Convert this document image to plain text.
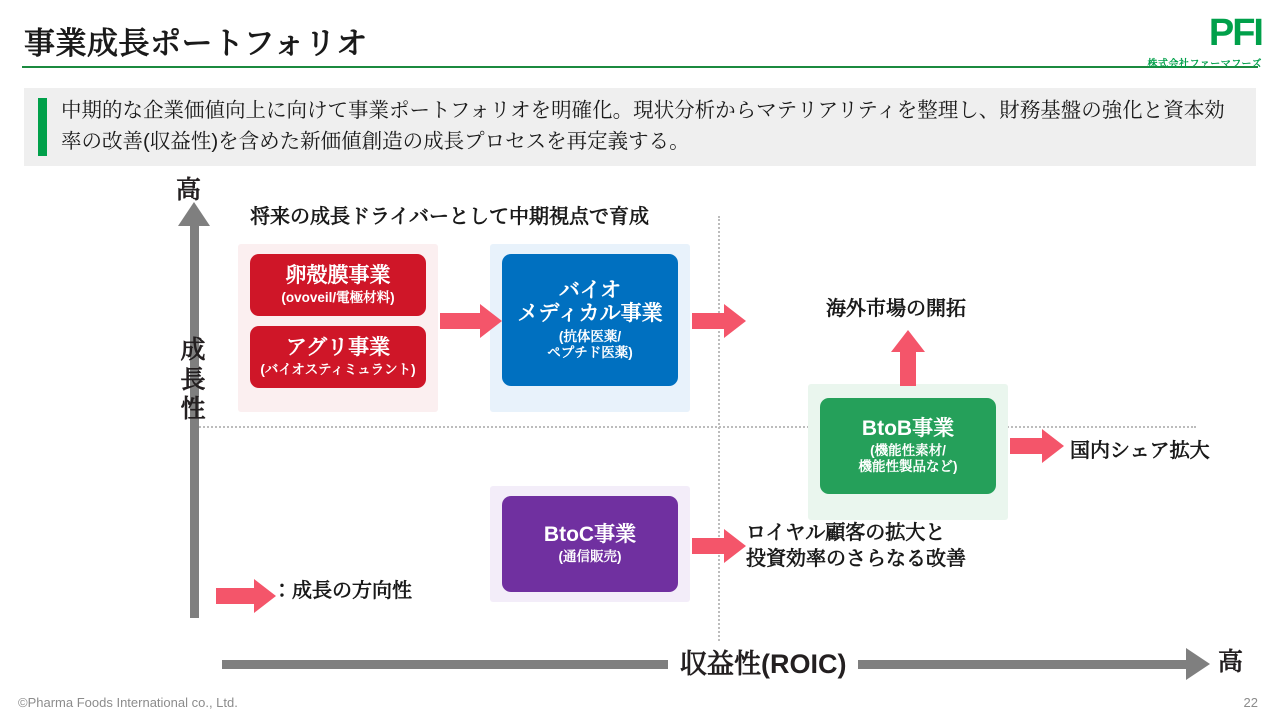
事業成長ポートフォリオ	PFI
株式会社ファーマフーズ
中期的な企業価値向上に向けて事業ポートフォリオを明確化。現状分析からマテリアリティを整理し、財務基盤の強化と資本効率の改善(収益性)を含めた新価値創造の成長プロセスを再定義する。
高
成
長
性
収益性(ROIC)	高
将来の成長ドライバーとして中期視点で育成
卵殻膜事業
(ovoveil/電極材料)
アグリ事業
(バイオスティミュラント)
バイオ
メディカル事業
(抗体医薬/
ペプチド医薬)
BtoC事業
(通信販売)
BtoB事業
(機能性素材/
機能性製品など)
海外市場の開拓
国内シェア拡大
ロイヤル顧客の拡大と
投資効率のさらなる改善
：成長の方向性
©Pharma Foods International co., Ltd.	22
